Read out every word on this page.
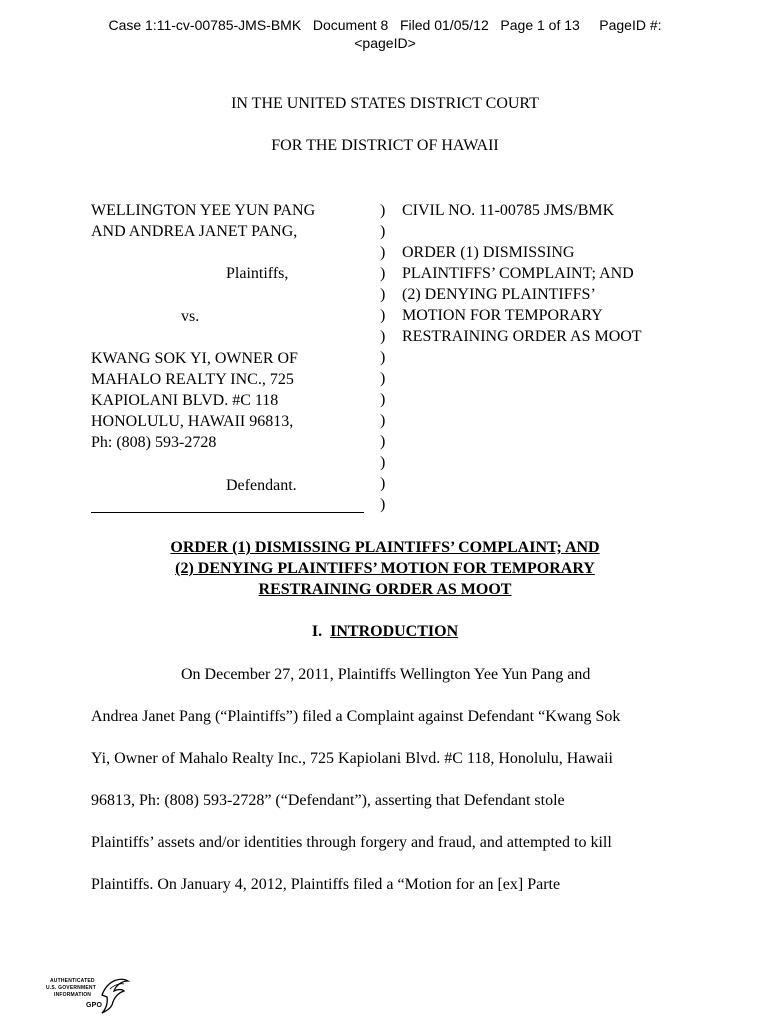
Case 1:11-cv-00785-JMS-BMK   Document 8   Filed 01/05/12   Page 1 of 13     PageID #:
<pageID>
IN THE UNITED STATES DISTRICT COURT
FOR THE DISTRICT OF HAWAII
WELLINGTON YEE YUN PANG
AND ANDREA JANET PANG,
Plaintiffs,
vs.
KWANG SOK YI, OWNER OF
MAHALO REALTY INC., 725
KAPIOLANI BLVD. #C 118
HONOLULU, HAWAII 96813,
Ph: (808) 593-2728
Defendant.
)
)
)
)
)
)
)
)
)
)
)
)
)
)
)
CIVIL NO. 11-00785 JMS/BMK
ORDER (1) DISMISSING
PLAINTIFFS’ COMPLAINT; AND
(2) DENYING PLAINTIFFS’
MOTION FOR TEMPORARY
RESTRAINING ORDER AS MOOT
ORDER (1) DISMISSING PLAINTIFFS’ COMPLAINT; AND
(2) DENYING PLAINTIFFS’ MOTION FOR TEMPORARY
RESTRAINING ORDER AS MOOT
I. INTRODUCTION
On December 27, 2011, Plaintiffs Wellington Yee Yun Pang and
Andrea Janet Pang (“Plaintiffs”) filed a Complaint against Defendant “Kwang Sok
Yi, Owner of Mahalo Realty Inc., 725 Kapiolani Blvd. #C 118, Honolulu, Hawaii
96813, Ph: (808) 593-2728” (“Defendant”), asserting that Defendant stole
Plaintiffs’ assets and/or identities through forgery and fraud, and attempted to kill
Plaintiffs. On January 4, 2012, Plaintiffs filed a “Motion for an [ex] Parte
AUTHENTICATED
U.S. GOVERNMENT
INFORMATION
GPO
